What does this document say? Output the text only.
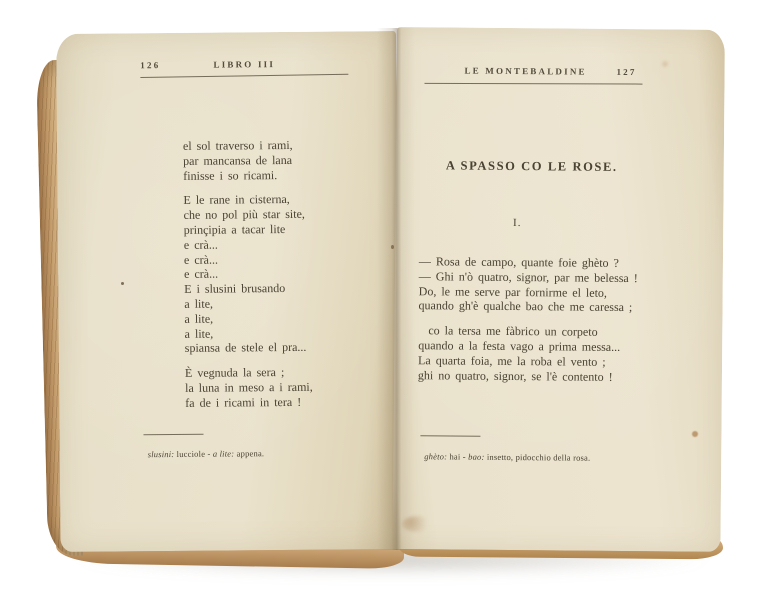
126	LIBRO III
el sol traverso i rami,
par mancansa de lana
finisse i so ricami.
E le rane in cisterna,
che no pol più star site,
prinçipia a tacar lite
e crà...
e crà...
e crà...
E i slusini brusando
a lite,
a lite,
a lite,
spiansa de stele el pra...
È vegnuda la sera ;
la luna in meso a i rami,
fa de i ricami in tera !
slusini: lucciole - a lite: appena.
LE MONTEBALDINE	127
A SPASSO CO LE ROSE.
I.
— Rosa de campo, quante foie ghèto ?
— Ghi n'ò quatro, signor, par me belessa !
Do, le me serve par fornirme el leto,
quando gh'è qualche bao che me caressa ;
co la tersa me fàbrico un corpeto
quando a la festa vago a prima messa...
La quarta foia, me la roba el vento ;
ghi no quatro, signor, se l'è contento !
ghèto: hai - bao: insetto, pidocchio della rosa.
